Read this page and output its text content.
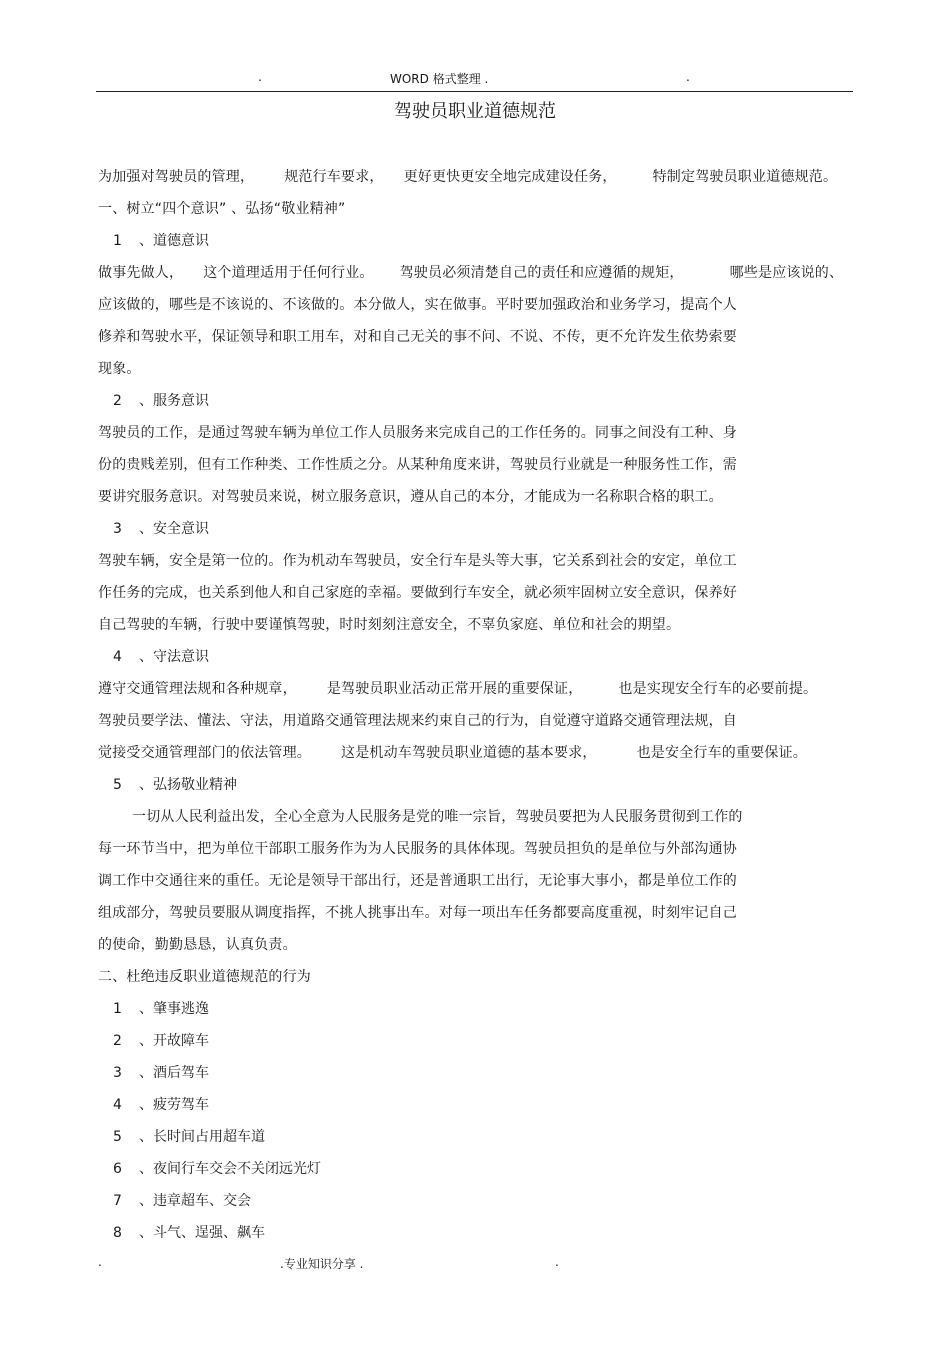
.	WORD 格式整理 .	.
驾驶员职业道德规范
为加强对驾驶员的管理， 规范行车要求， 更好更快更安全地完成建设任务，	特制定驾驶员职业道德规范。
一、树立“四个意识” 、弘扬“敬业精神”
1 、道德意识
做事先做人， 这个道理适用于任何行业。 驾驶员必须清楚自己的责任和应遵循的规矩，	哪些是应该说的、
应该做的，哪些是不该说的、不该做的。本分做人，实在做事。平时要加强政治和业务学习，提高个人
修养和驾驶水平，保证领导和职工用车，对和自己无关的事不问、不说、不传，更不允许发生依势索要
现象。
2 、服务意识
驾驶员的工作，是通过驾驶车辆为单位工作人员服务来完成自己的工作任务的。同事之间没有工种、身
份的贵贱差别，但有工作种类、工作性质之分。从某种角度来讲，驾驶员行业就是一种服务性工作，需
要讲究服务意识。对驾驶员来说，树立服务意识，遵从自己的本分，才能成为一名称职合格的职工。
3 、安全意识
驾驶车辆，安全是第一位的。作为机动车驾驶员，安全行车是头等大事，它关系到社会的安定，单位工
作任务的完成，也关系到他人和自己家庭的幸福。要做到行车安全，就必须牢固树立安全意识，保养好
自己驾驶的车辆，行驶中要谨慎驾驶，时时刻刻注意安全，不辜负家庭、单位和社会的期望。
4 、守法意识
遵守交通管理法规和各种规章， 是驾驶员职业活动正常开展的重要保证，	也是实现安全行车的必要前提。
驾驶员要学法、懂法、守法，用道路交通管理法规来约束自己的行为，自觉遵守道路交通管理法规，自
觉接受交通管理部门的依法管理。 这是机动车驾驶员职业道德的基本要求，	也是安全行车的重要保证。
5 、弘扬敬业精神
一切从人民利益出发，全心全意为人民服务是党的唯一宗旨，驾驶员要把为人民服务贯彻到工作的
每一环节当中，把为单位干部职工服务作为为人民服务的具体体现。驾驶员担负的是单位与外部沟通协
调工作中交通往来的重任。无论是领导干部出行，还是普通职工出行，无论事大事小，都是单位工作的
组成部分，驾驶员要服从调度指挥，不挑人挑事出车。对每一项出车任务都要高度重视，时刻牢记自己
的使命，勤勤恳恳，认真负责。
二、杜绝违反职业道德规范的行为
1 、肇事逃逸
2 、开故障车
3 、酒后驾车
4 、疲劳驾车
5 、长时间占用超车道
6 、夜间行车交会不关闭远光灯
7 、违章超车、交会
8 、斗气、逞强、飙车
.	.专业知识分享 .	.
